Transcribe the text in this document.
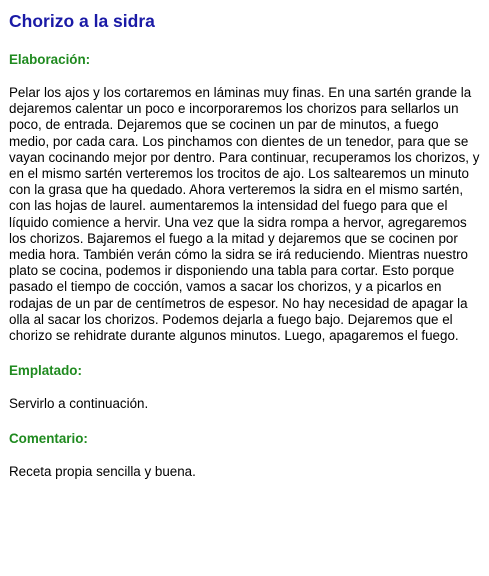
Chorizo a la sidra
Elaboración:

Pelar los ajos y los cortaremos en láminas muy finas. En una sartén grande la dejaremos calentar un poco e incorporaremos los chorizos para sellarlos un poco, de entrada. Dejaremos que se cocinen un par de minutos, a fuego medio, por cada cara. Los pinchamos con dientes de un tenedor, para que se vayan cocinando mejor por dentro. Para continuar, recuperamos los chorizos, y en el mismo sartén verteremos los trocitos de ajo. Los saltearemos un minuto con la grasa que ha quedado. Ahora verteremos la sidra en el mismo sartén, con las hojas de laurel. aumentaremos la intensidad del fuego para que el líquido comience a hervir. Una vez que la sidra rompa a hervor, agregaremos los chorizos. Bajaremos el fuego a la mitad y dejaremos que se cocinen por media hora. También verán cómo la sidra se irá reduciendo. Mientras nuestro plato se cocina, podemos ir disponiendo una tabla para cortar. Esto porque pasado el tiempo de cocción, vamos a sacar los chorizos, y a picarlos en rodajas de un par de centímetros de espesor. No hay necesidad de apagar la olla al sacar los chorizos. Podemos dejarla a fuego bajo. Dejaremos que el chorizo se rehidrate durante algunos minutos. Luego, apagaremos el fuego.

Emplatado:

Servirlo a continuación.

Comentario:

Receta propia sencilla y buena.
